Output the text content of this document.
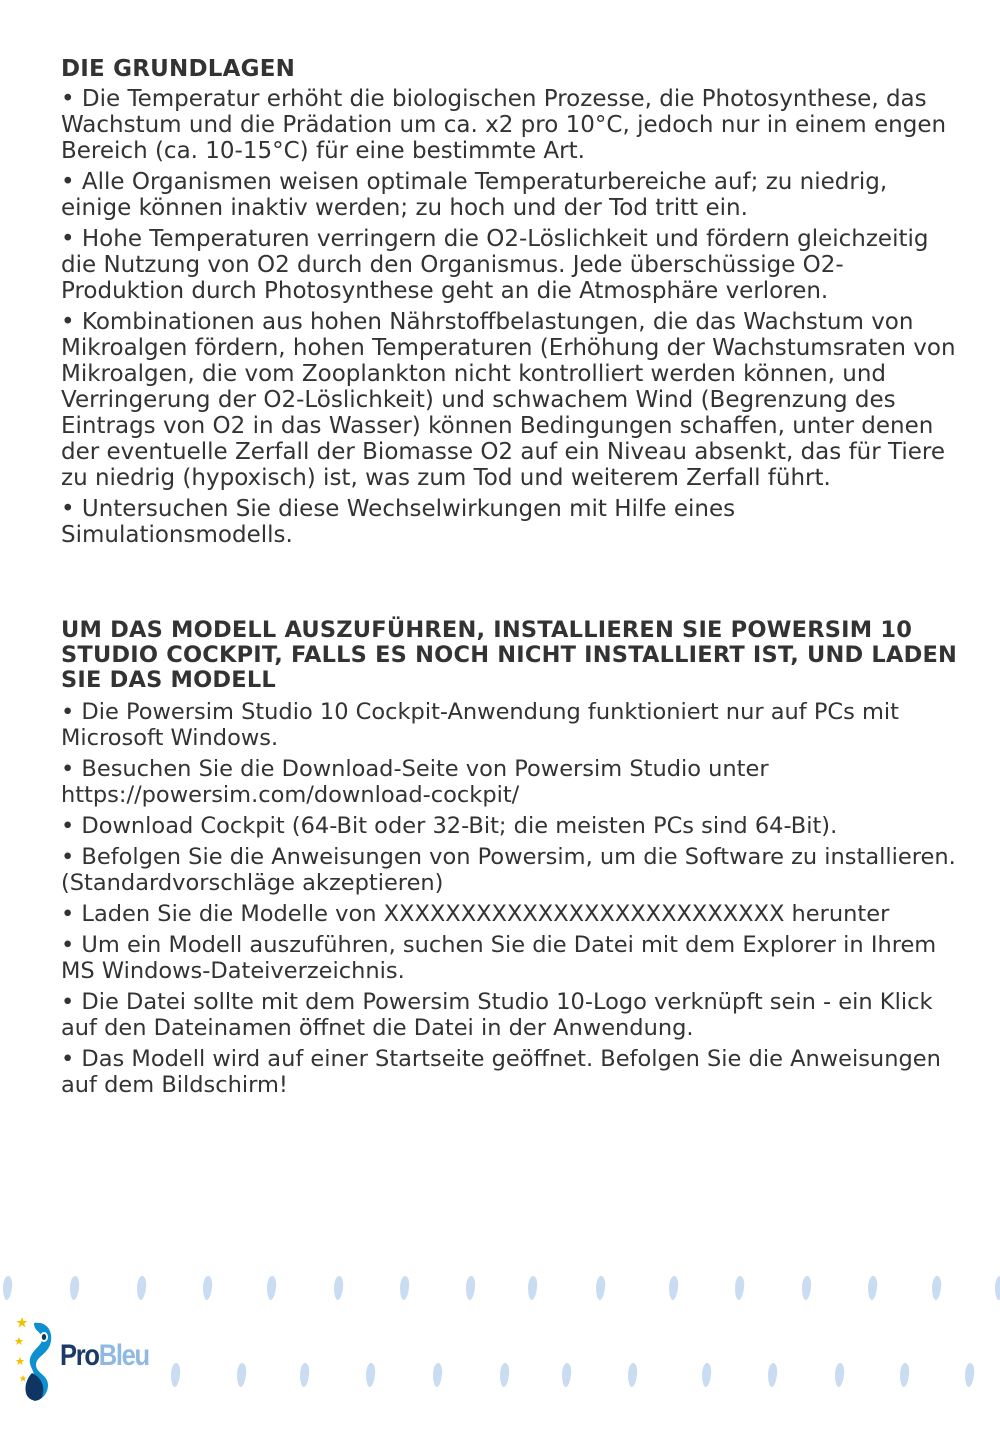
DIE GRUNDLAGEN

• Die Temperatur erhöht die biologischen Prozesse, die Photosynthese, das Wachstum und die Prädation um ca. x2 pro 10°C, jedoch nur in einem engen Bereich (ca. 10-15°C) für eine bestimmte Art.

• Alle Organismen weisen optimale Temperaturbereiche auf; zu niedrig, einige können inaktiv werden; zu hoch und der Tod tritt ein.

• Hohe Temperaturen verringern die O2-Löslichkeit und fördern gleichzeitig die Nutzung von O2 durch den Organismus. Jede überschüssige O2-Produktion durch Photosynthese geht an die Atmosphäre verloren.

• Kombinationen aus hohen Nährstoffbelastungen, die das Wachstum von Mikroalgen fördern, hohen Temperaturen (Erhöhung der Wachstumsraten von Mikroalgen, die vom Zooplankton nicht kontrolliert werden können, und Verringerung der O2-Löslichkeit) und schwachem Wind (Begrenzung des Eintrags von O2 in das Wasser) können Bedingungen schaffen, unter denen der eventuelle Zerfall der Biomasse O2 auf ein Niveau absenkt, das für Tiere zu niedrig (hypoxisch) ist, was zum Tod und weiterem Zerfall führt.

• Untersuchen Sie diese Wechselwirkungen mit Hilfe eines Simulationsmodells.

UM DAS MODELL AUSZUFÜHREN, INSTALLIEREN SIE POWERSIM 10 STUDIO COCKPIT, FALLS ES NOCH NICHT INSTALLIERT IST, UND LADEN SIE DAS MODELL

• Die Powersim Studio 10 Cockpit-Anwendung funktioniert nur auf PCs mit Microsoft Windows.

• Besuchen Sie die Download-Seite von Powersim Studio unter https://powersim.com/download-cockpit/

• Download Cockpit (64-Bit oder 32-Bit; die meisten PCs sind 64-Bit).

• Befolgen Sie die Anweisungen von Powersim, um die Software zu installieren. (Standardvorschläge akzeptieren)

• Laden Sie die Modelle von XXXXXXXXXXXXXXXXXXXXXXXXXX herunter

• Um ein Modell auszuführen, suchen Sie die Datei mit dem Explorer in Ihrem MS Windows-Dateiverzeichnis.

• Die Datei sollte mit dem Powersim Studio 10-Logo verknüpft sein - ein Klick auf den Dateinamen öffnet die Datei in der Anwendung.

• Das Modell wird auf einer Startseite geöffnet. Befolgen Sie die Anweisungen auf dem Bildschirm!

ProBleu
